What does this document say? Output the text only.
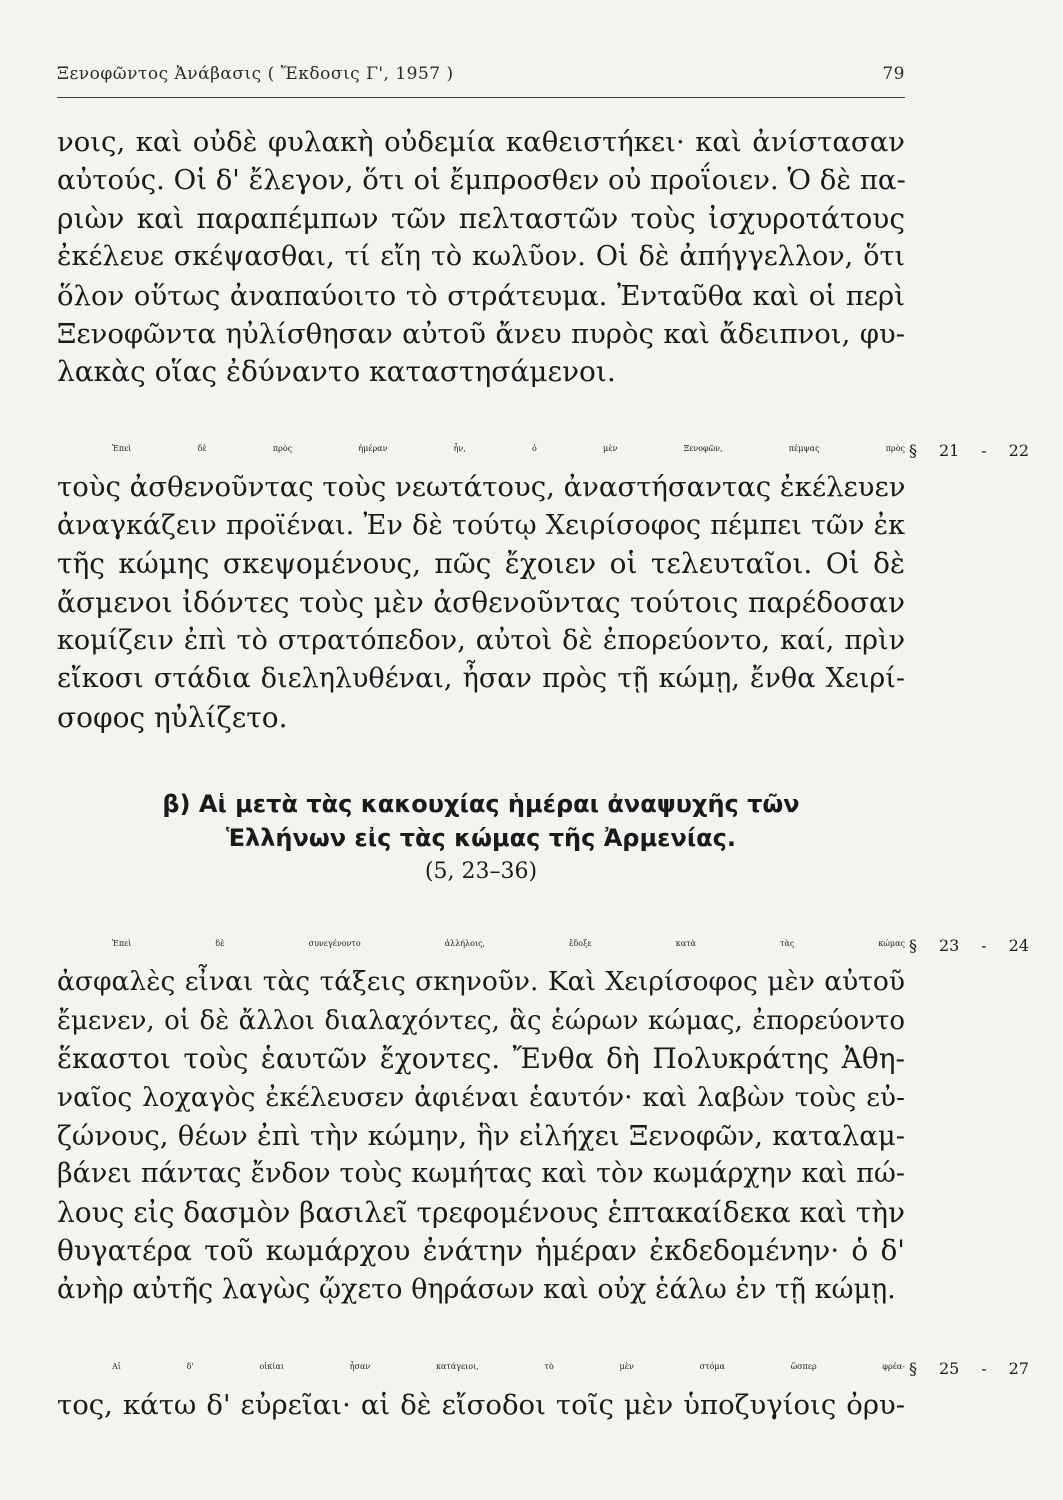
Ξενοφῶντος Ἀνάβασις ( Ἔκδοσις Γ', 1957 )	79
νοις, καὶ οὐδὲ φυλακὴ οὐδεμία καθειστήκει· καὶ ἀνίστασαν
αὐτούς. Οἱ δ' ἔλεγον, ὅτι οἱ ἔμπροσθεν οὐ προΐοιεν. Ὁ δὲ πα-
ριὼν καὶ παραπέμπων τῶν πελταστῶν τοὺς ἰσχυροτάτους
ἐκέλευε σκέψασθαι, τί εἴη τὸ κωλῦον. Οἱ δὲ ἀπήγγελλον, ὅτι
ὅλον οὕτως ἀναπαύοιτο τὸ στράτευμα. Ἐνταῦθα καὶ οἱ περὶ
Ξενοφῶντα ηὐλίσθησαν αὐτοῦ ἄνευ πυρὸς καὶ ἄδειπνοι, φυ-
λακὰς οἵας ἐδύναντο καταστησάμενοι.
Ἐπεὶ δὲ πρὸς ἡμέραν ἦν, ὁ μὲν Ξενοφῶν, πέμψας πρὸς § 21 - 22
τοὺς ἀσθενοῦντας τοὺς νεωτάτους, ἀναστήσαντας ἐκέλευεν
ἀναγκάζειν προϊέναι. Ἐν δὲ τούτῳ Χειρίσοφος πέμπει τῶν ἐκ
τῆς κώμης σκεψομένους, πῶς ἔχοιεν οἱ τελευταῖοι. Οἱ δὲ
ἄσμενοι ἰδόντες τοὺς μὲν ἀσθενοῦντας τούτοις παρέδοσαν
κομίζειν ἐπὶ τὸ στρατόπεδον, αὐτοὶ δὲ ἐπορεύοντο, καί, πρὶν
εἴκοσι στάδια διεληλυθέναι, ἦσαν πρὸς τῇ κώμῃ, ἔνθα Χειρί-
σοφος ηὐλίζετο.
β) Αἱ μετὰ τὰς κακουχίας ἡμέραι ἀναψυχῆς τῶν
Ἑλλήνων εἰς τὰς κώμας τῆς Ἀρμενίας.
(5, 23–36)
Ἐπεὶ δὲ συνεγένοντο ἀλλήλοις, ἔδοξε κατὰ τὰς κώμας § 23 - 24
ἀσφαλὲς εἶναι τὰς τάξεις σκηνοῦν. Καὶ Χειρίσοφος μὲν αὐτοῦ
ἔμενεν, οἱ δὲ ἄλλοι διαλαχόντες, ἃς ἑώρων κώμας, ἐπορεύοντο
ἕκαστοι τοὺς ἑαυτῶν ἔχοντες. Ἔνθα δὴ Πολυκράτης Ἀθη-
ναῖος λοχαγὸς ἐκέλευσεν ἀφιέναι ἑαυτόν· καὶ λαβὼν τοὺς εὐ-
ζώνους, θέων ἐπὶ τὴν κώμην, ἣν εἰλήχει Ξενοφῶν, καταλαμ-
βάνει πάντας ἔνδον τοὺς κωμήτας καὶ τὸν κωμάρχην καὶ πώ-
λους εἰς δασμὸν βασιλεῖ τρεφομένους ἑπτακαίδεκα καὶ τὴν
θυγατέρα τοῦ κωμάρχου ἐνάτην ἡμέραν ἐκδεδομένην· ὁ δ'
ἀνὴρ αὐτῆς λαγὼς ᾤχετο θηράσων καὶ οὐχ ἑάλω ἐν τῇ κώμῃ.
Αἱ δ' οἰκίαι ἦσαν κατάγειοι, τὸ μὲν στόμα ὥσπερ φρέα- § 25 - 27
τος, κάτω δ' εὐρεῖαι· αἱ δὲ εἴσοδοι τοῖς μὲν ὑποζυγίοις ὀρυ-
